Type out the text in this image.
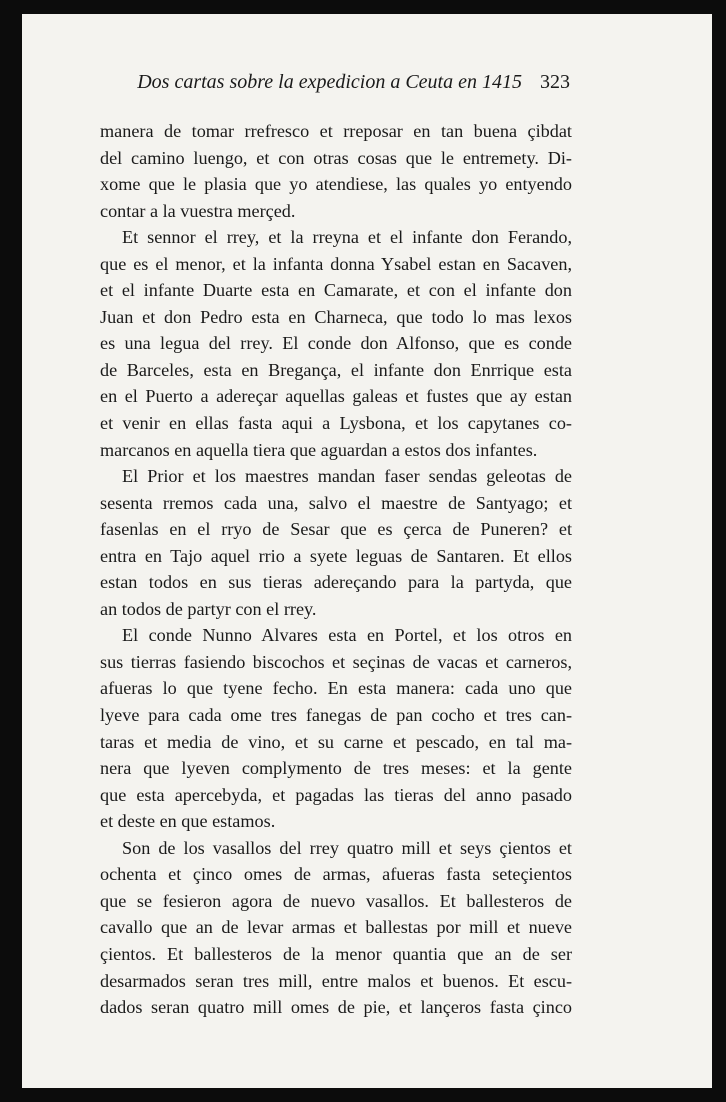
Dos cartas sobre la expedicion a Ceuta en 1415 323
manera de tomar rrefresco et rreposar en tan buena çibdat
del camino luengo, et con otras cosas que le entremety. Di-
xome que le plasia que yo atendiese, las quales yo entyendo
contar a la vuestra merçed.
Et sennor el rrey, et la rreyna et el infante don Ferando,
que es el menor, et la infanta donna Ysabel estan en Sacaven,
et el infante Duarte esta en Camarate, et con el infante don
Juan et don Pedro esta en Charneca, que todo lo mas lexos
es una legua del rrey. El conde don Alfonso, que es conde
de Barceles, esta en Bregança, el infante don Enrrique esta
en el Puerto a adereçar aquellas galeas et fustes que ay estan
et venir en ellas fasta aqui a Lysbona, et los capytanes co-
marcanos en aquella tiera que aguardan a estos dos infantes.
El Prior et los maestres mandan faser sendas geleotas de
sesenta rremos cada una, salvo el maestre de Santyago; et
fasenlas en el rryo de Sesar que es çerca de Puneren? et
entra en Tajo aquel rrio a syete leguas de Santaren. Et ellos
estan todos en sus tieras adereçando para la partyda, que
an todos de partyr con el rrey.
El conde Nunno Alvares esta en Portel, et los otros en
sus tierras fasiendo biscochos et seçinas de vacas et carneros,
afueras lo que tyene fecho. En esta manera: cada uno que
lyeve para cada ome tres fanegas de pan cocho et tres can-
taras et media de vino, et su carne et pescado, en tal ma-
nera que lyeven complymento de tres meses: et la gente
que esta apercebyda, et pagadas las tieras del anno pasado
et deste en que estamos.
Son de los vasallos del rrey quatro mill et seys çientos et
ochenta et çinco omes de armas, afueras fasta seteçientos
que se fesieron agora de nuevo vasallos. Et ballesteros de
cavallo que an de levar armas et ballestas por mill et nueve
çientos. Et ballesteros de la menor quantia que an de ser
desarmados seran tres mill, entre malos et buenos. Et escu-
dados seran quatro mill omes de pie, et lançeros fasta çinco
